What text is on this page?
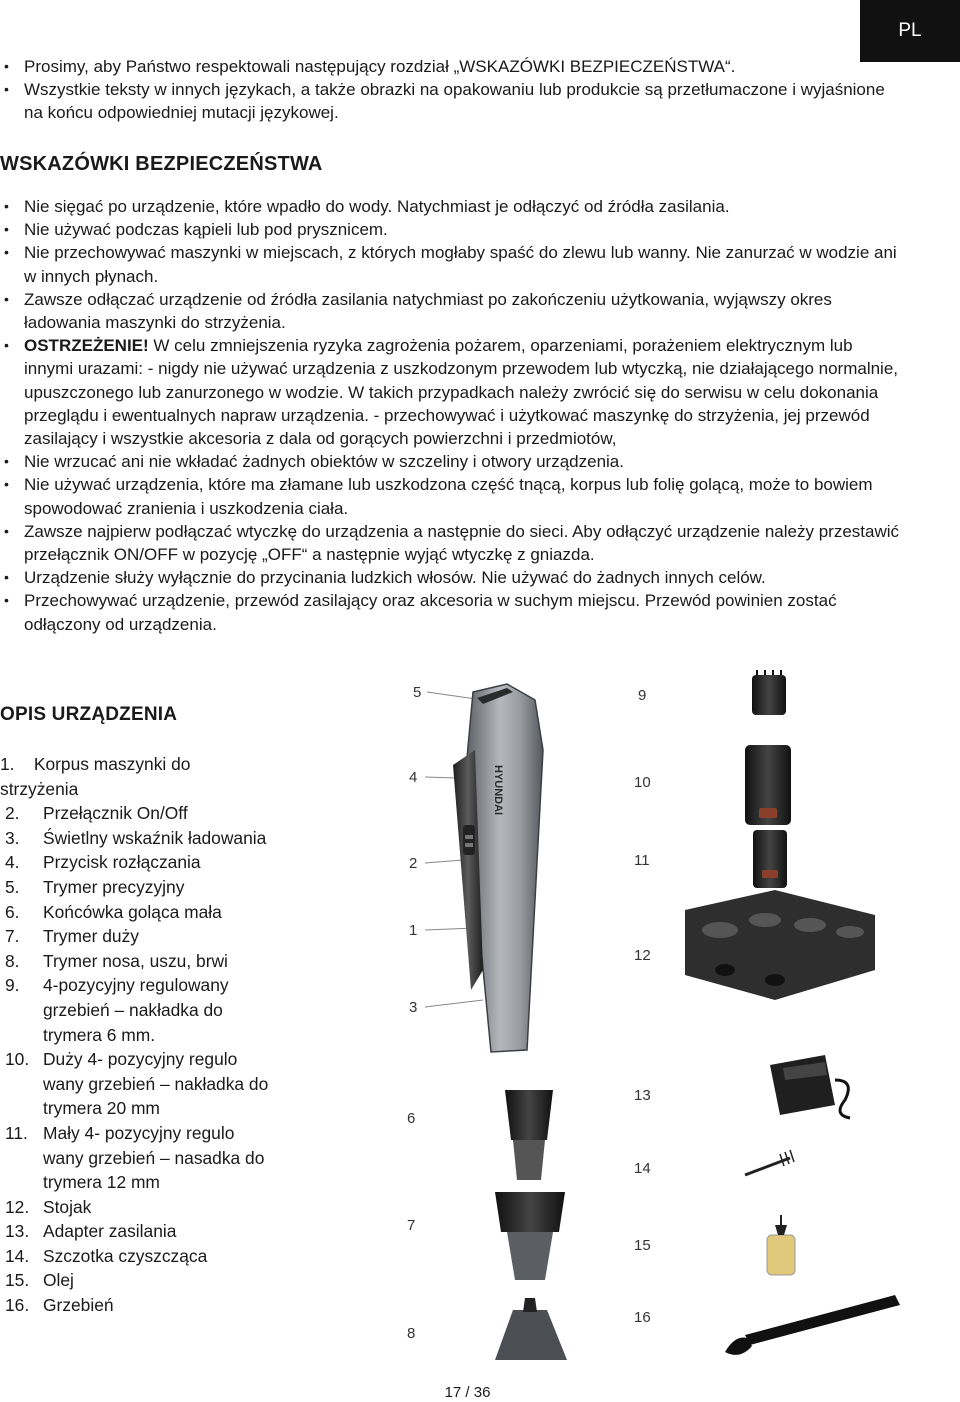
PL
• Prosimy, aby Państwo respektowali następujący rozdział „WSKAZÓWKI BEZPIECZEŃSTWA“.
• Wszystkie teksty w innych językach, a także obrazki na opakowaniu lub produkcie są przetłumaczone i wyjaśnione na końcu odpowiedniej mutacji językowej.
WSKAZÓWKI BEZPIECZEŃSTWA
• Nie sięgać po urządzenie, które wpadło do wody. Natychmiast je odłączyć od źródła zasilania.
• Nie używać podczas kąpieli lub pod prysznicem.
• Nie przechowywać maszynki w miejscach, z których mogłaby spaść do zlewu lub wanny. Nie zanurzać w wodzie ani w innych płynach.
• Zawsze odłączać urządzenie od źródła zasilania natychmiast po zakończeniu użytkowania, wyjąwszy okres ładowania maszynki do strzyżenia.
• OSTRZEŻENIE! W celu zmniejszenia ryzyka zagrożenia pożarem, oparzeniami, porażeniem elektrycznym lub innymi urazami: - nigdy nie używać urządzenia z uszkodzonym przewodem lub wtyczką, nie działającego normalnie, upuszczonego lub zanurzonego w wodzie. W takich przypadkach należy zwrócić się do serwisu w celu dokonania przeglądu i ewentualnych napraw urządzenia. - przechowywać i użytkować maszynkę do strzyżenia, jej przewód zasilający i wszystkie akcesoria z dala od gorących powierzchni i przedmiotów,
• Nie wrzucać ani nie wkładać żadnych obiektów w szczeliny i otwory urządzenia.
• Nie używać urządzenia, które ma złamane lub uszkodzona część tnącą, korpus lub folię golącą, może to bowiem spowodować zranienia i uszkodzenia ciała.
• Zawsze najpierw podłączać wtyczkę do urządzenia a następnie do sieci. Aby odłączyć urządzenie należy przestawić przełącznik ON/OFF w pozycję „OFF“ a następnie wyjąć wtyczkę z gniazda.
• Urządzenie służy wyłącznie do przycinania ludzkich włosów. Nie używać do żadnych innych celów.
• Przechowywać urządzenie, przewód zasilający oraz akcesoria w suchym miejscu. Przewód powinien zostać odłączony od urządzenia.
OPIS URZĄDZENIA
1. Korpus maszynki do strzyżenia
2. Przełącznik On/Off
3. Świetlny wskaźnik ładowania
4. Przycisk rozłączania
5. Trymer precyzyjny
6. Końcówka goląca mała
7. Trymer duży
8. Trymer nosa, uszu, brwi
9. 4-pozycyjny regulowany grzebień – nakładka do trymera 6 mm.
10. Duży 4- pozycyjny regulo wany grzebień – nakładka do trymera 20 mm
11. Mały 4- pozycyjny regulo wany grzebień – nasadka do trymera 12 mm
12. Stojak
13. Adapter zasilania
14. Szczotka czyszcząca
15. Olej
16. Grzebień
5
4
2
1
3
6
7
8
9
10
11
12
13
14
15
16
HYUNDAI
17 / 36
